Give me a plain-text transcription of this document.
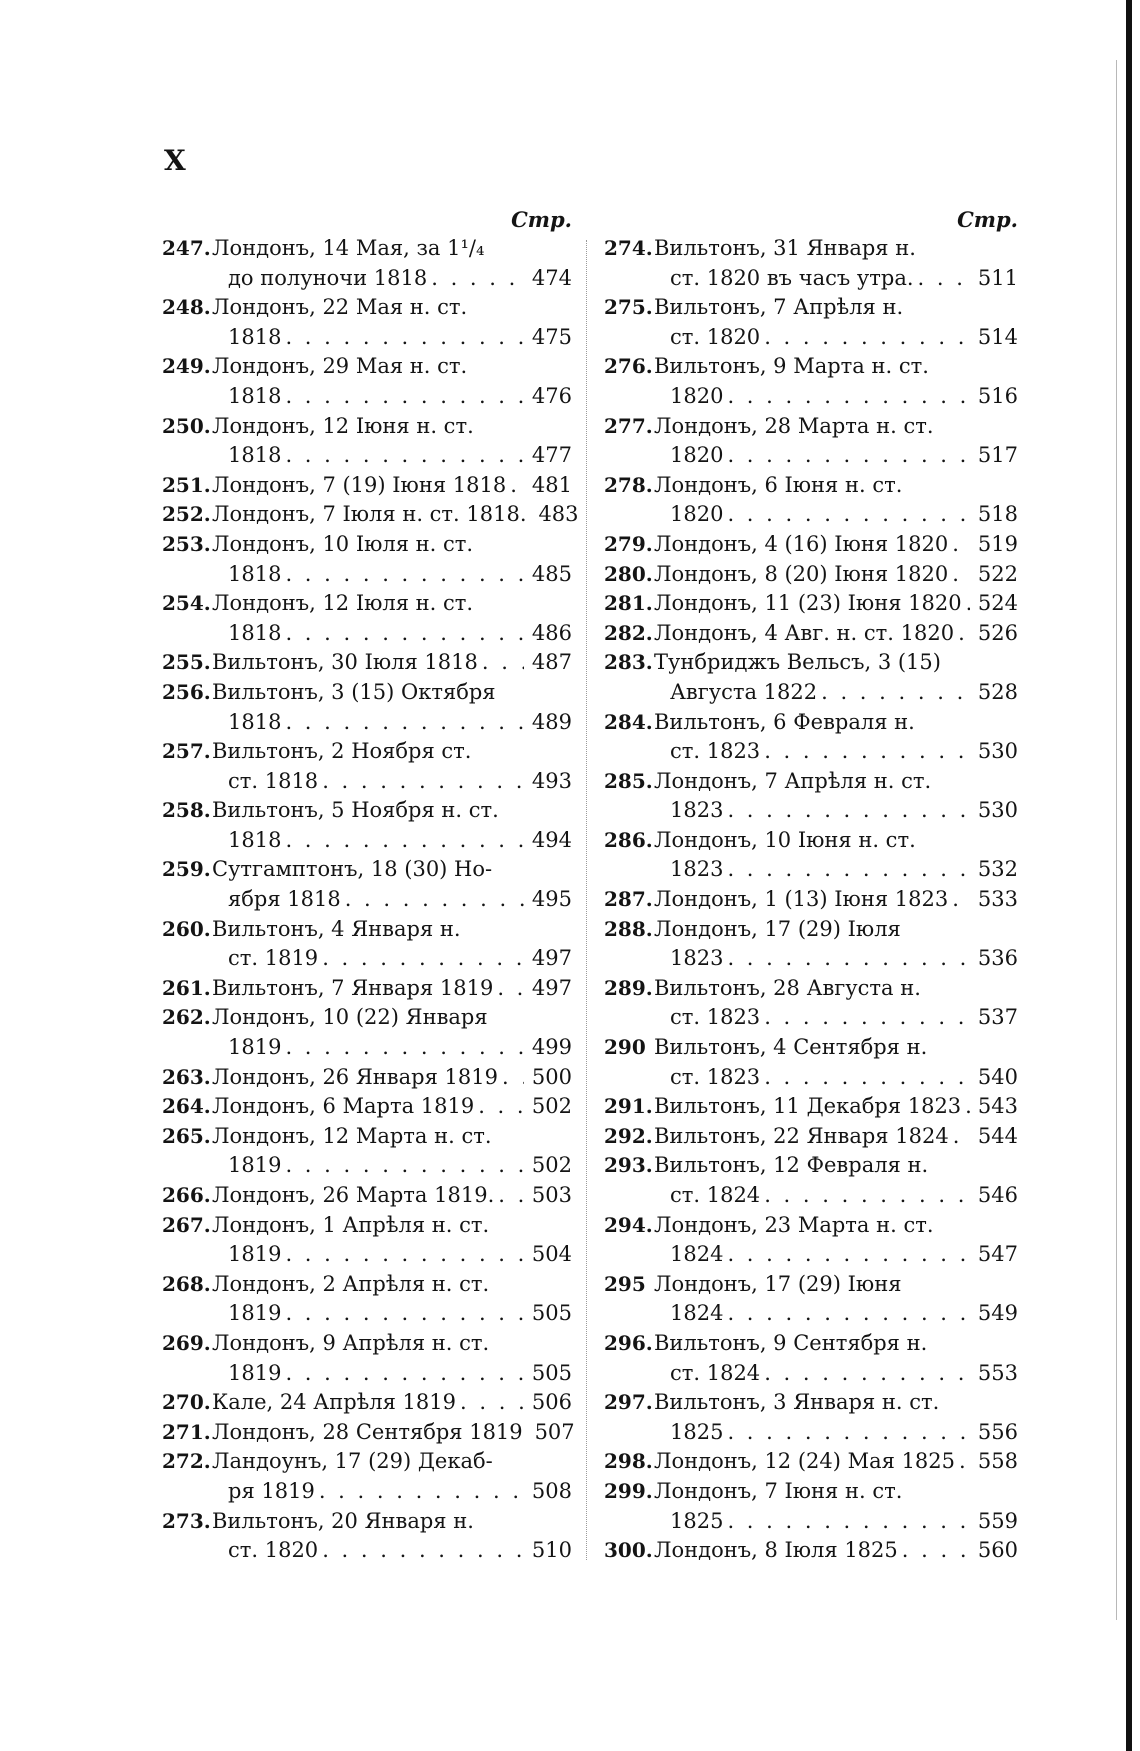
X
Стр.
247. Лондонъ, 14 Мая, за 1¹/₄
до полуночи 1818 . . .	474
248. Лондонъ, 22 Мая н. ст.
1818 . . .	475
249. Лондонъ, 29 Мая н. ст.
1818 . . .	476
250. Лондонъ, 12 Іюня н. ст.
1818 . . .	477
251. Лондонъ, 7 (19) Іюня 1818 . . . 481
252. Лондонъ, 7 Іюля н. ст. 1818. 483
253. Лондонъ, 10 Іюля н. ст.
1818 . . .	485
254. Лондонъ, 12 Іюля н. ст.
1818 . . .	486
255. Вильтонъ, 30 Іюля 1818 . . .	487
256. Вильтонъ, 3 (15) Октября
1818 . . .	489
257. Вильтонъ, 2 Ноября ст.
ст. 1818 . . .	493
258. Вильтонъ, 5 Ноября н. ст.
1818 . . .	494
259. Сутгамптонъ, 18 (30) Но-
ября 1818 . . .	495
260. Вильтонъ, 4 Января н.
ст. 1819 . . .	497
261. Вильтонъ, 7 Января 1819 . . . 497
262. Лондонъ, 10 (22) Января
1819 . . .	499
263. Лондонъ, 26 Января 1819 . . . 500
264. Лондонъ, 6 Марта 1819 . . .	502
265. Лондонъ, 12 Марта н. ст.
1819 . . .	502
266. Лондонъ, 26 Марта 1819. . . . 503
267. Лондонъ, 1 Апрѣля н. ст.
1819 . . .	504
268. Лондонъ, 2 Апрѣля н. ст.
1819 . . .	505
269. Лондонъ, 9 Апрѣля н. ст.
1819 . . .	505
270. Кале, 24 Апрѣля 1819 . . .	506
271. Лондонъ, 28 Сентября 1819 507
272. Ландоунъ, 17 (29) Декаб-
ря 1819 . . .	508
273. Вильтонъ, 20 Января н.
ст. 1820 . . .	510
Стр.
274. Вильтонъ, 31 Января н.
ст. 1820 въ часъ утра. . . .	511
275. Вильтонъ, 7 Апрѣля н.
ст. 1820 . . .	514
276. Вильтонъ, 9 Марта н. ст.
1820 . . .	516
277. Лондонъ, 28 Марта н. ст.
1820 . . .	517
278. Лондонъ, 6 Іюня н. ст.
1820 . . .	518
279. Лондонъ, 4 (16) Іюня 1820 . . . 519
280. Лондонъ, 8 (20) Іюня 1820 . . . 522
281. Лондонъ, 11 (23) Іюня 1820 . . . 524
282. Лондонъ, 4 Авг. н. ст. 1820 . . . 526
283. Тунбриджъ Вельсъ, 3 (15)
Августа 1822 . . .	528
284. Вильтонъ, 6 Февраля н.
ст. 1823 . . .	530
285. Лондонъ, 7 Апрѣля н. ст.
1823 . . .	530
286. Лондонъ, 10 Іюня н. ст.
1823 . . .	532
287. Лондонъ, 1 (13) Іюня 1823 . . . 533
288. Лондонъ, 17 (29) Іюля
1823 . . .	536
289. Вильтонъ, 28 Августа н.
ст. 1823 . . .	537
290 Вильтонъ, 4 Сентября н.
ст. 1823 . . .	540
291. Вильтонъ, 11 Декабря 1823 . . . 543
292. Вильтонъ, 22 Января 1824 . . . 544
293. Вильтонъ, 12 Февраля н.
ст. 1824 . . .	546
294. Лондонъ, 23 Марта н. ст.
1824 . . .	547
295 Лондонъ, 17 (29) Іюня
1824 . . .	549
296. Вильтонъ, 9 Сентября н.
ст. 1824 . . .	553
297. Вильтонъ, 3 Января н. ст.
1825 . . .	556
298. Лондонъ, 12 (24) Мая 1825 . . . 558
299. Лондонъ, 7 Іюня н. ст.
1825 . . .	559
300. Лондонъ, 8 Іюля 1825 . . .	560
